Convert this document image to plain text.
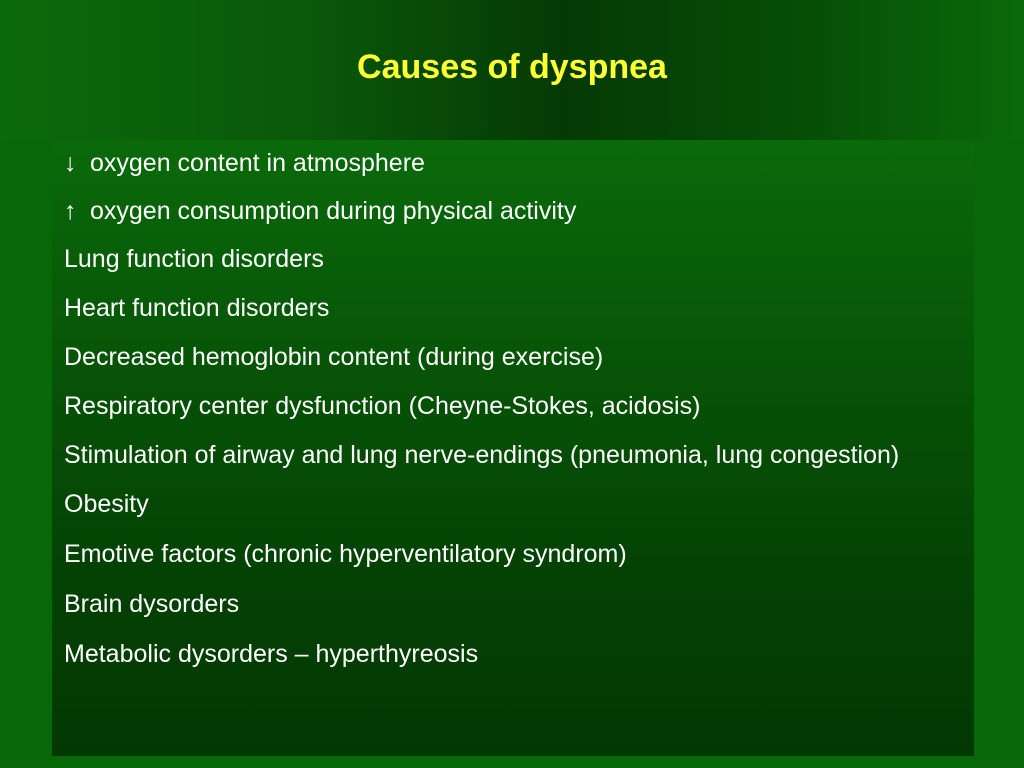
Causes of dyspnea
↓ oxygen content in atmosphere
↑ oxygen consumption during physical activity
Lung function disorders
Heart function disorders
Decreased hemoglobin content (during exercise)
Respiratory center dysfunction (Cheyne-Stokes, acidosis)
Stimulation of airway and lung nerve-endings (pneumonia, lung congestion)
Obesity
Emotive factors (chronic hyperventilatory syndrom)
Brain dysorders
Metabolic dysorders – hyperthyreosis
